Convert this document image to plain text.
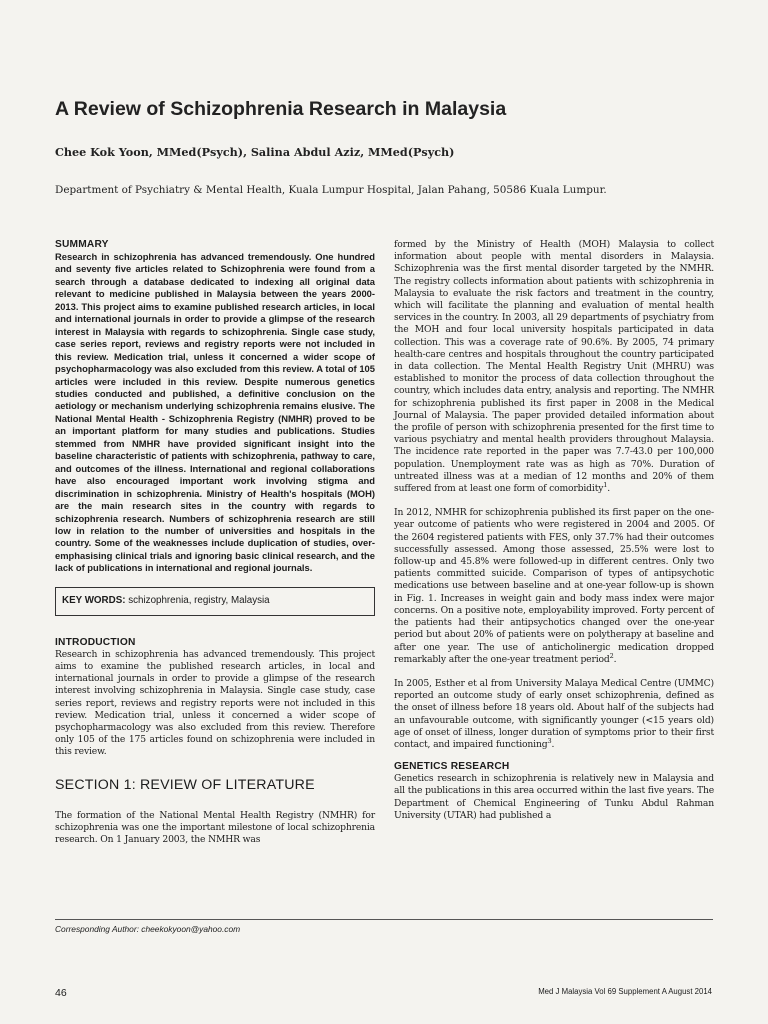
A Review of Schizophrenia Research in Malaysia
Chee Kok Yoon, MMed(Psych), Salina Abdul Aziz, MMed(Psych)
Department of Psychiatry & Mental Health, Kuala Lumpur Hospital, Jalan Pahang, 50586 Kuala Lumpur.

SUMMARY

Research in schizophrenia has advanced tremendously. One hundred and seventy five articles related to Schizophrenia were found from a search through a database dedicated to indexing all original data relevant to medicine published in Malaysia between the years 2000-2013. This project aims to examine published research articles, in local and international journals in order to provide a glimpse of the research interest in Malaysia with regards to schizophrenia. Single case study, case series report, reviews and registry reports were not included in this review. Medication trial, unless it concerned a wider scope of psychopharmacology was also excluded from this review. A total of 105 articles were included in this review. Despite numerous genetics studies conducted and published, a definitive conclusion on the aetiology or mechanism underlying schizophrenia remains elusive. The National Mental Health - Schizophrenia Registry (NMHR) proved to be an important platform for many studies and publications. Studies stemmed from NMHR have provided significant insight into the baseline characteristic of patients with schizophrenia, pathway to care, and outcomes of the illness. International and regional collaborations have also encouraged important work involving stigma and discrimination in schizophrenia. Ministry of Health's hospitals (MOH) are the main research sites in the country with regards to schizophrenia research. Numbers of schizophrenia research are still low in relation to the number of universities and hospitals in the country. Some of the weaknesses include duplication of studies, over-emphasising clinical trials and ignoring basic clinical research, and the lack of publications in international and regional journals.

KEY WORDS: schizophrenia, registry, Malaysia

INTRODUCTION

Research in schizophrenia has advanced tremendously. This project aims to examine the published research articles, in local and international journals in order to provide a glimpse of the research interest involving schizophrenia in Malaysia. Single case study, case series report, reviews and registry reports were not included in this review. Medication trial, unless it concerned a wider scope of psychopharmacology was also excluded from this review. Therefore only 105 of the 175 articles found on schizophrenia were included in this review.

SECTION 1: REVIEW OF LITERATURE

The formation of the National Mental Health Registry (NMHR) for schizophrenia was one the important milestone of local schizophrenia research. On 1 January 2003, the NMHR was

formed by the Ministry of Health (MOH) Malaysia to collect information about people with mental disorders in Malaysia. Schizophrenia was the first mental disorder targeted by the NMHR. The registry collects information about patients with schizophrenia in Malaysia to evaluate the risk factors and treatment in the country, which will facilitate the planning and evaluation of mental health services in the country. In 2003, all 29 departments of psychiatry from the MOH and four local university hospitals participated in data collection. This was a coverage rate of 90.6%. By 2005, 74 primary health-care centres and hospitals throughout the country participated in data collection. The Mental Health Registry Unit (MHRU) was established to monitor the process of data collection throughout the country, which includes data entry, analysis and reporting. The NMHR for schizophrenia published its first paper in 2008 in the Medical Journal of Malaysia. The paper provided detailed information about the profile of person with schizophrenia presented for the first time to various psychiatry and mental health providers throughout Malaysia. The incidence rate reported in the paper was 7.7-43.0 per 100,000 population. Unemployment rate was as high as 70%. Duration of untreated illness was at a median of 12 months and 20% of them suffered from at least one form of comorbidity$^1$.

In 2012, NMHR for schizophrenia published its first paper on the one-year outcome of patients who were registered in 2004 and 2005. Of the 2604 registered patients with FES, only 37.7% had their outcomes successfully assessed. Among those assessed, 25.5% were lost to follow-up and 45.8% were followed-up in different centres. Only two patients committed suicide. Comparison of types of antipsychotic medications use between baseline and at one-year follow-up is shown in Fig. 1. Increases in weight gain and body mass index were major concerns. On a positive note, employability improved. Forty percent of the patients had their antipsychotics changed over the one-year period but about 20% of patients were on polytherapy at baseline and after one year. The use of anticholinergic medication dropped remarkably after the one-year treatment period$^2$.

In 2005, Esther et al from University Malaya Medical Centre (UMMC) reported an outcome study of early onset schizophrenia, defined as the onset of illness before 18 years old. About half of the subjects had an unfavourable outcome, with significantly younger (<15 years old) age of onset of illness, longer duration of symptoms prior to their first contact, and impaired functioning$^3$.

GENETICS RESEARCH

Genetics research in schizophrenia is relatively new in Malaysia and all the publications in this area occurred within the last five years. The Department of Chemical Engineering of Tunku Abdul Rahman University (UTAR) had published a

Corresponding Author: cheekokyoon@yahoo.com
46	Med J Malaysia Vol 69 Supplement A August 2014
